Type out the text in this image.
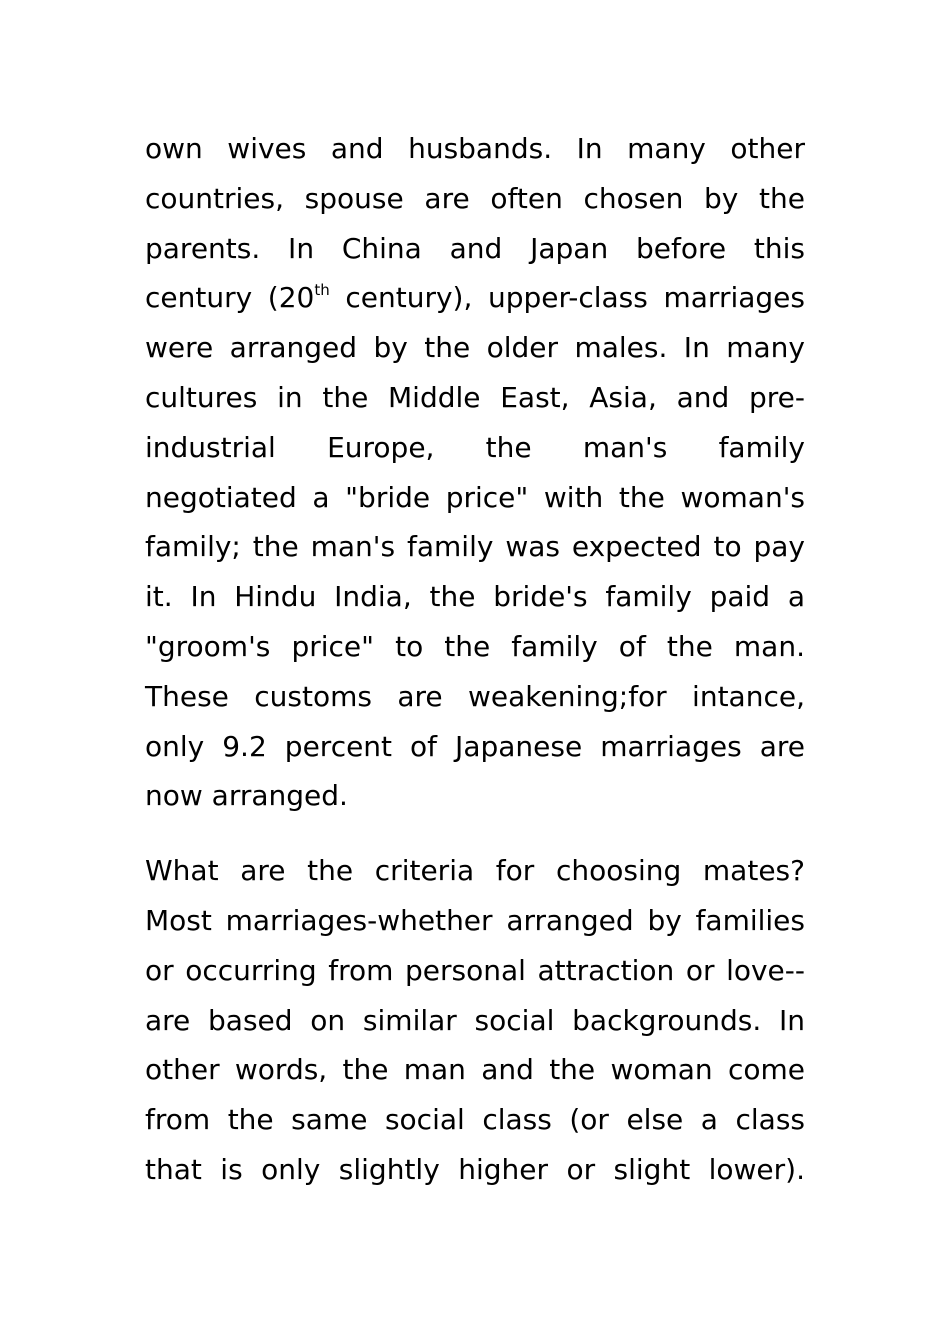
own wives and husbands. In many other
countries, spouse are often chosen by the
parents. In China and Japan before this
century (20th century), upper-class marriages
were arranged by the older males. In many
cultures in the Middle East, Asia, and pre-
industrial Europe, the man's family
negotiated a "bride price" with the woman's
family; the man's family was expected to pay
it. In Hindu India, the bride's family paid a
"groom's price" to the family of the man.
These customs are weakening;for intance,
only 9.2 percent of Japanese marriages are
now arranged.

What are the criteria for choosing mates?
Most marriages-whether arranged by families
or occurring from personal attraction or love--
are based on similar social backgrounds. In
other words, the man and the woman come
from the same social class (or else a class
that is only slightly higher or slight lower).
